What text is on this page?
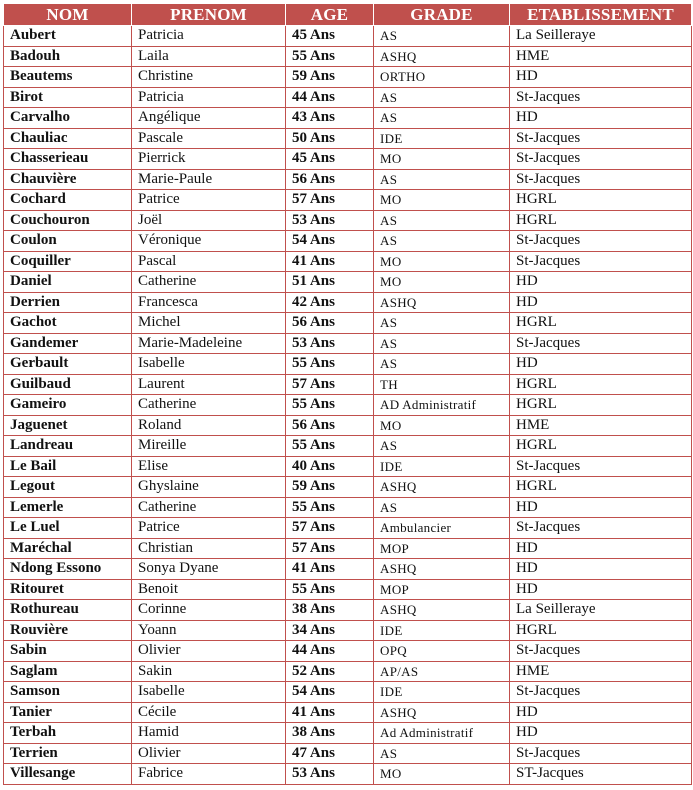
NOM	PRENOM	AGE	GRADE	ETABLISSEMENT
Aubert	Patricia	45 Ans	AS	La Seilleraye
Badouh	Laila	55 Ans	ASHQ	HME
Beautems	Christine	59 Ans	ORTHO	HD
Birot	Patricia	44 Ans	AS	St-Jacques
Carvalho	Angélique	43 Ans	AS	HD
Chauliac	Pascale	50 Ans	IDE	St-Jacques
Chasserieau	Pierrick	45 Ans	MO	St-Jacques
Chauvière	Marie-Paule	56 Ans	AS	St-Jacques
Cochard	Patrice	57 Ans	MO	HGRL
Couchouron	Joël	53 Ans	AS	HGRL
Coulon	Véronique	54 Ans	AS	St-Jacques
Coquiller	Pascal	41 Ans	MO	St-Jacques
Daniel	Catherine	51 Ans	MO	HD
Derrien	Francesca	42 Ans	ASHQ	HD
Gachot	Michel	56 Ans	AS	HGRL
Gandemer	Marie-Madeleine	53 Ans	AS	St-Jacques
Gerbault	Isabelle	55 Ans	AS	HD
Guilbaud	Laurent	57 Ans	TH	HGRL
Gameiro	Catherine	55 Ans	AD Administratif	HGRL
Jaguenet	Roland	56 Ans	MO	HME
Landreau	Mireille	55 Ans	AS	HGRL
Le Bail	Elise	40 Ans	IDE	St-Jacques
Legout	Ghyslaine	59 Ans	ASHQ	HGRL
Lemerle	Catherine	55 Ans	AS	HD
Le Luel	Patrice	57 Ans	Ambulancier	St-Jacques
Maréchal	Christian	57 Ans	MOP	HD
Ndong Essono	Sonya Dyane	41 Ans	ASHQ	HD
Ritouret	Benoit	55 Ans	MOP	HD
Rothureau	Corinne	38 Ans	ASHQ	La Seilleraye
Rouvière	Yoann	34 Ans	IDE	HGRL
Sabin	Olivier	44 Ans	OPQ	St-Jacques
Saglam	Sakin	52 Ans	AP/AS	HME
Samson	Isabelle	54 Ans	IDE	St-Jacques
Tanier	Cécile	41 Ans	ASHQ	HD
Terbah	Hamid	38 Ans	Ad Administratif	HD
Terrien	Olivier	47 Ans	AS	St-Jacques
Villesange	Fabrice	53 Ans	MO	ST-Jacques
